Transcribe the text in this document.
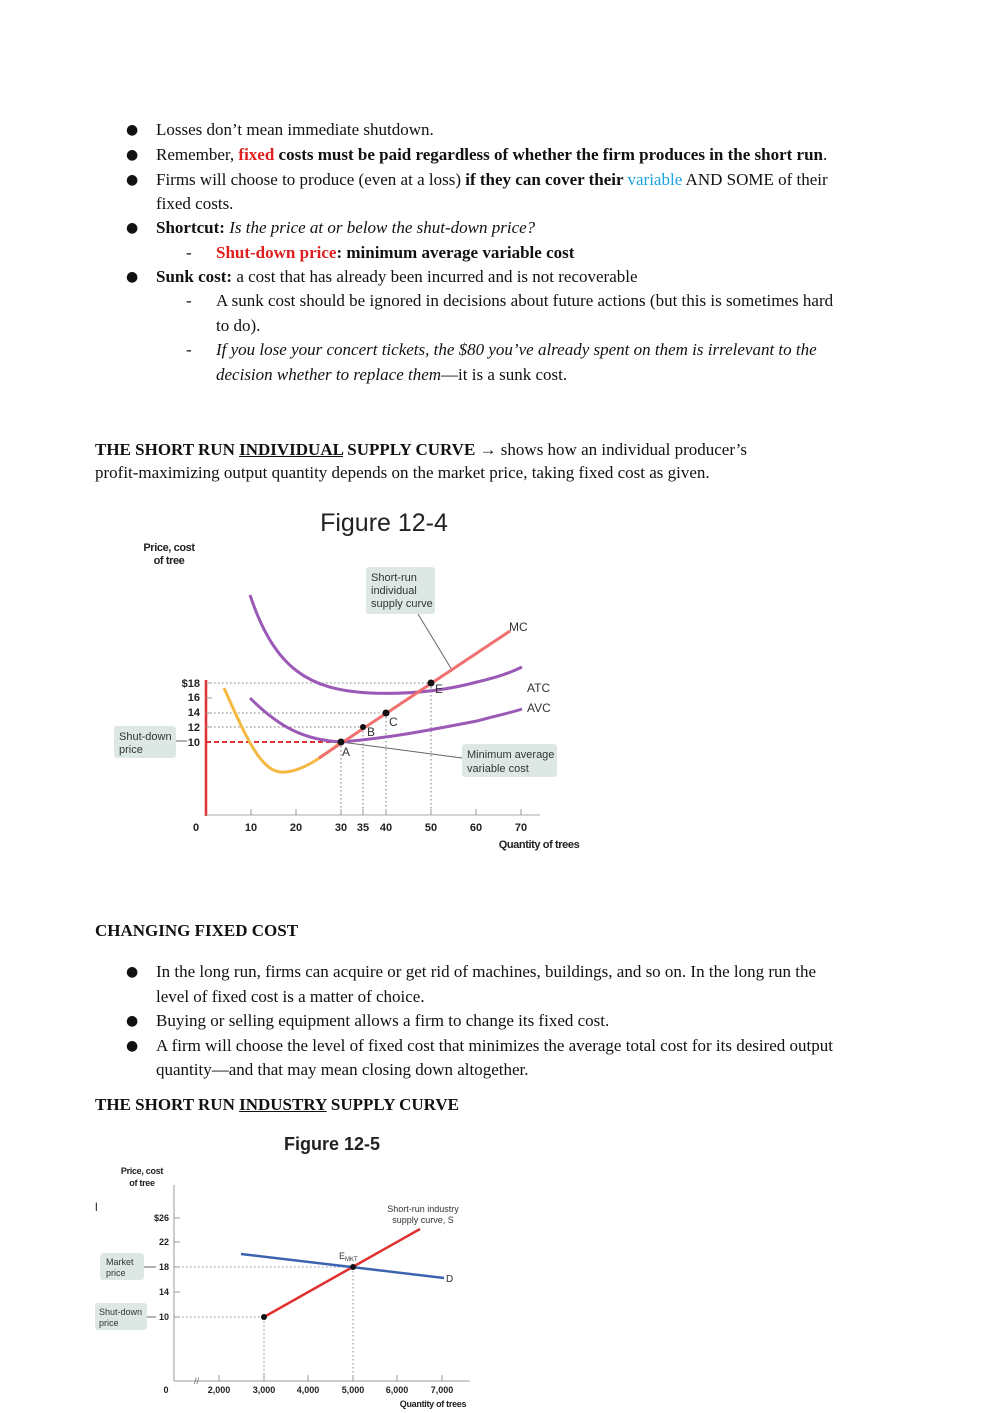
● Losses don’t mean immediate shutdown.
● Remember, fixed costs must be paid regardless of whether the firm produces in the short run.
● Firms will choose to produce (even at a loss) if they can cover their variable AND SOME of their
fixed costs.
● Shortcut: Is the price at or below the shut-down price?
- Shut-down price: minimum average variable cost
● Sunk cost: a cost that has already been incurred and is not recoverable
- A sunk cost should be ignored in decisions about future actions (but this is sometimes hard
to do).
- If you lose your concert tickets, the $80 you’ve already spent on them is irrelevant to the
decision whether to replace them—it is a sunk cost.
THE SHORT RUN INDIVIDUAL SUPPLY CURVE → shows how an individual producer’s
profit-maximizing output quantity depends on the market price, taking fixed cost as given.
Figure 12-4
Price, cost
of tree
Short-run
individual
supply curve
Shut-down
price	Minimum average
variable cost
MC
ATC
AVC
A
B
C
E
$18
16
14
12
10
0	10	20	30 35 40	50	60	70
Quantity of trees
CHANGING FIXED COST
● In the long run, firms can acquire or get rid of machines, buildings, and so on. In the long run the
level of fixed cost is a matter of choice.
● Buying or selling equipment allows a firm to change its fixed cost.
● A firm will choose the level of fixed cost that minimizes the average total cost for its desired output
quantity—and that may mean closing down altogether.
THE SHORT RUN INDUSTRY SUPPLY CURVE
Figure 12-5
Price, cost
of tree
l
Market
price
Shut-down
price
$26
22
18
14
10
//
$E_{MKT}$
Short-run industry
supply curve, S
D
0	2,000 3,000 4,000 5,000 6,000 7,000
Quantity of trees
